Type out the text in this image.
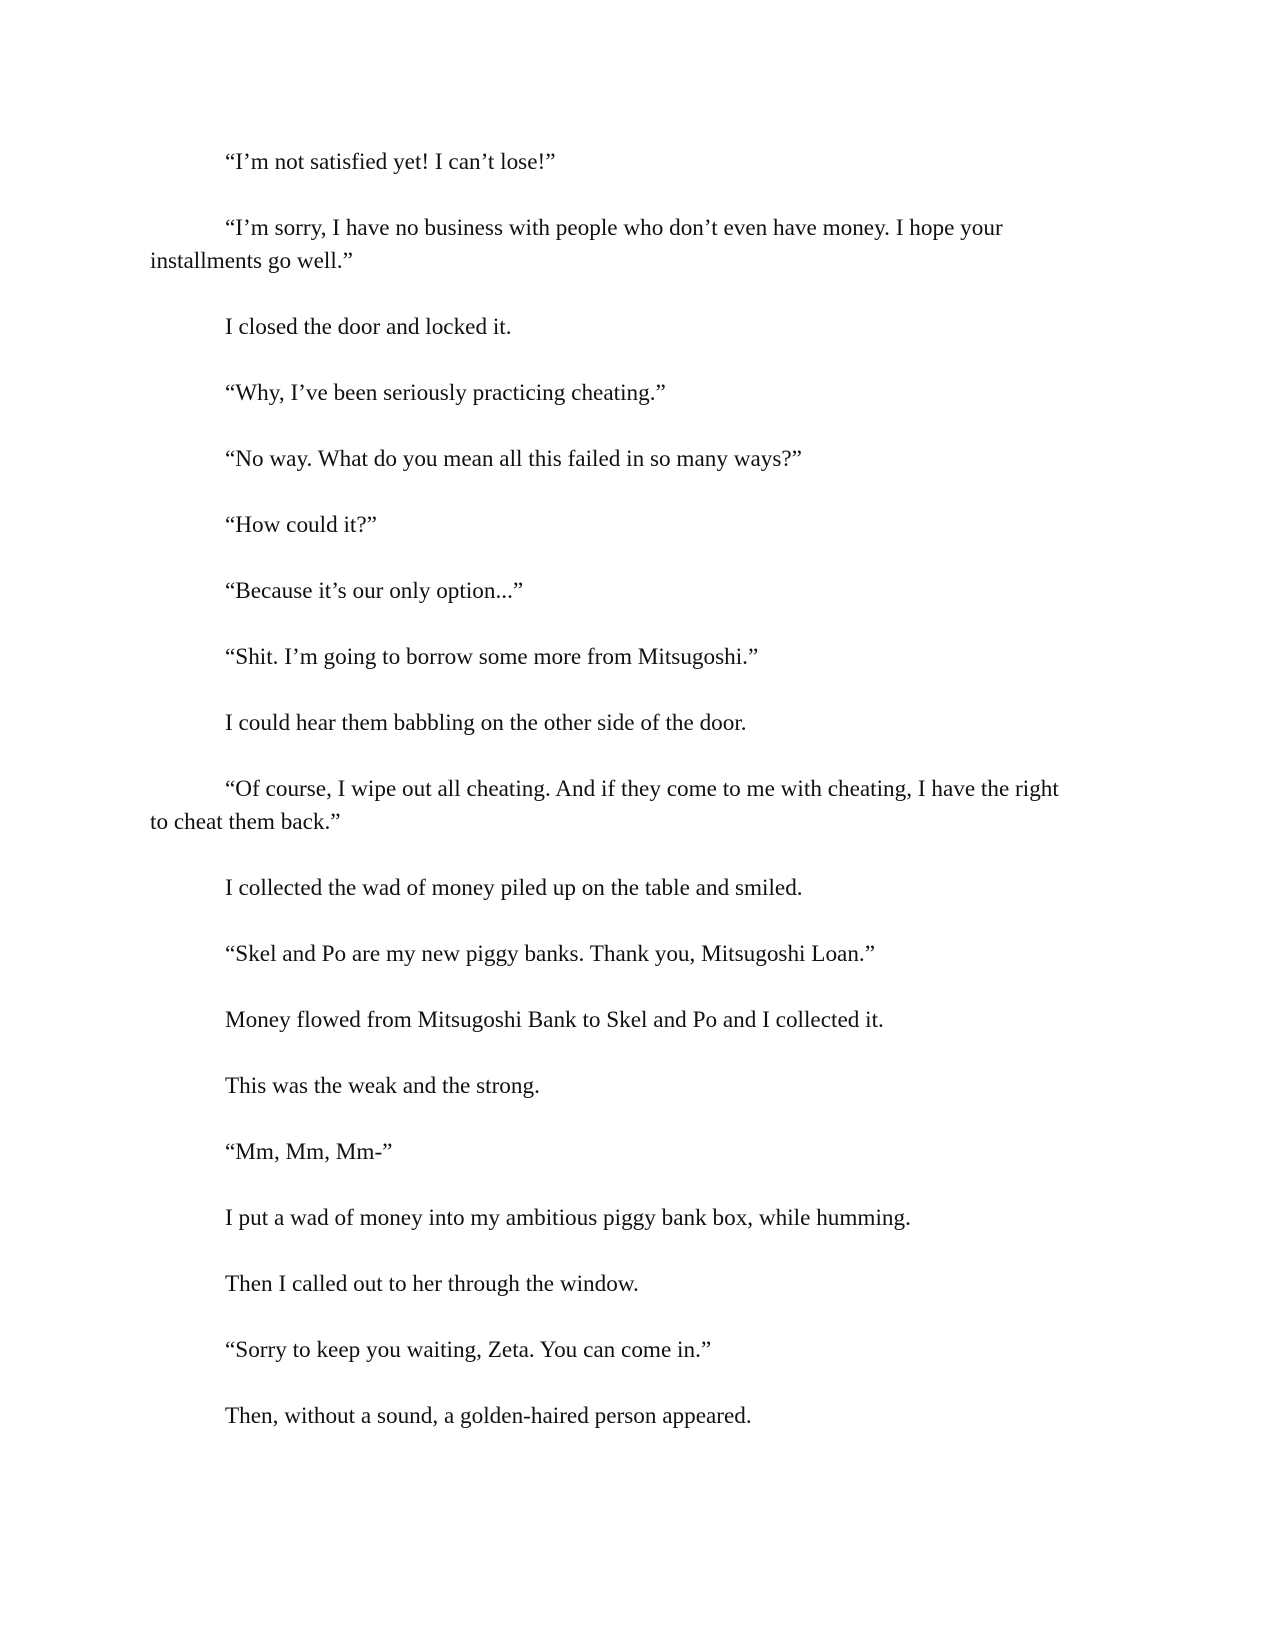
“I’m not satisfied yet! I can’t lose!”

“I’m sorry, I have no business with people who don’t even have money. I hope your installments go well.”

I closed the door and locked it.

“Why, I’ve been seriously practicing cheating.”

“No way. What do you mean all this failed in so many ways?”

“How could it?”

“Because it’s our only option...”

“Shit. I’m going to borrow some more from Mitsugoshi.”

I could hear them babbling on the other side of the door.

“Of course, I wipe out all cheating. And if they come to me with cheating, I have the right to cheat them back.”

I collected the wad of money piled up on the table and smiled.

“Skel and Po are my new piggy banks. Thank you, Mitsugoshi Loan.”

Money flowed from Mitsugoshi Bank to Skel and Po and I collected it.

This was the weak and the strong.

“Mm, Mm, Mm-”

I put a wad of money into my ambitious piggy bank box, while humming.

Then I called out to her through the window.

“Sorry to keep you waiting, Zeta. You can come in.”

Then, without a sound, a golden-haired person appeared.
